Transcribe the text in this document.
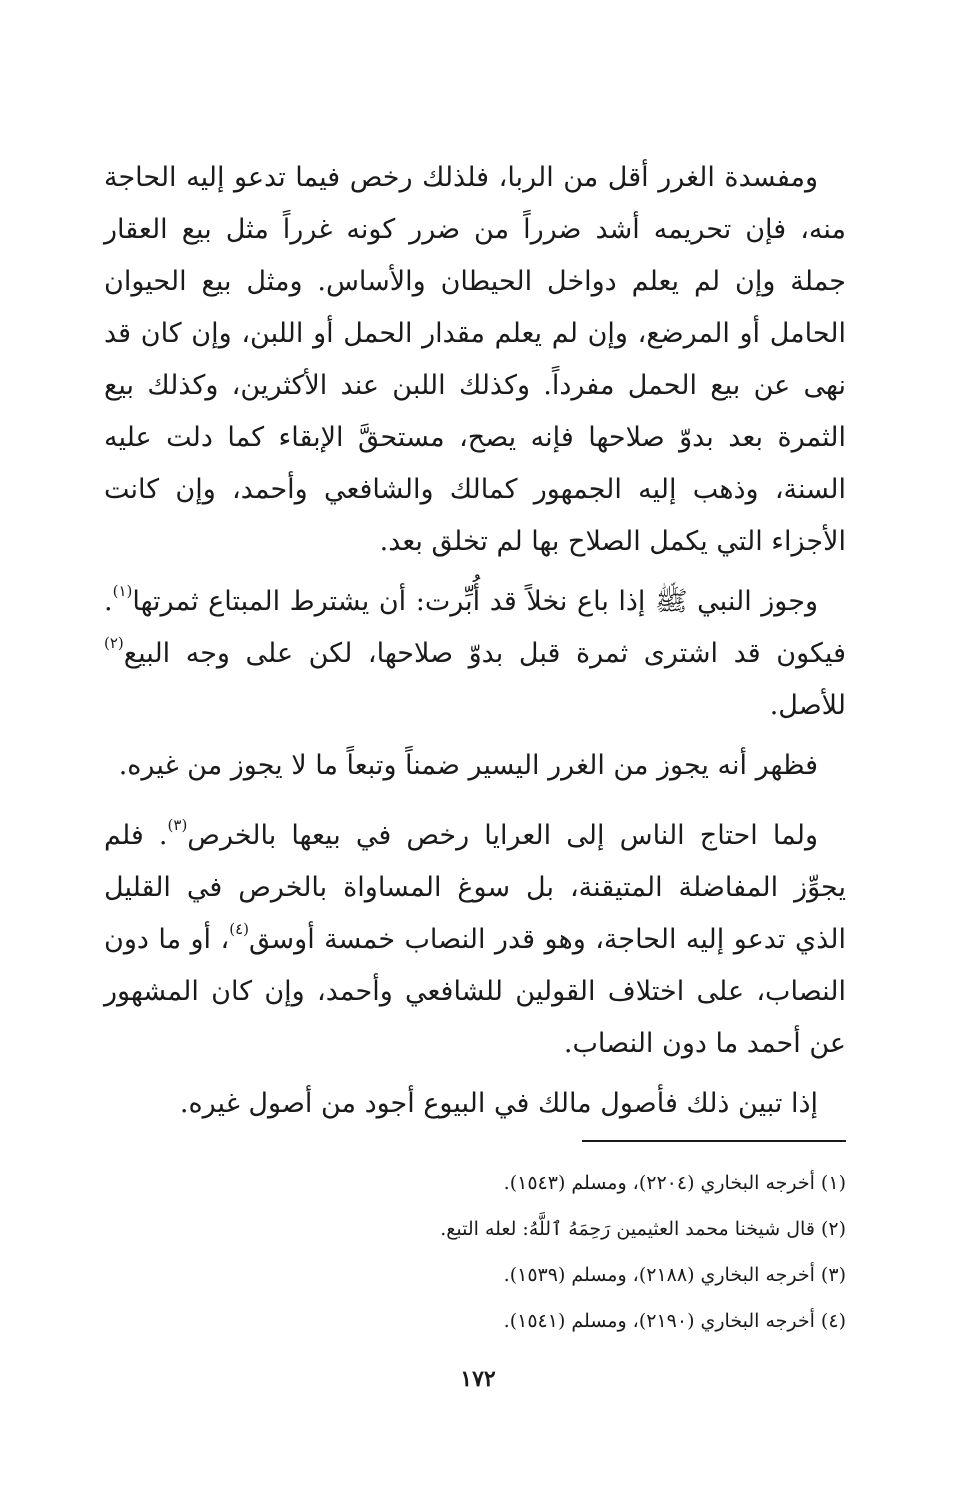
ومفسدة الغرر أقل من الربا، فلذلك رخص فيما تدعو إليه الحاجة منه، فإن تحريمه أشد ضرراً من ضرر كونه غرراً مثل بيع العقار جملة وإن لم يعلم دواخل الحيطان والأساس. ومثل بيع الحيوان الحامل أو المرضع، وإن لم يعلم مقدار الحمل أو اللبن، وإن كان قد نهى عن بيع الحمل مفرداً. وكذلك اللبن عند الأكثرين، وكذلك بيع الثمرة بعد بدوّ صلاحها فإنه يصح، مستحقَّ الإبقاء كما دلت عليه السنة، وذهب إليه الجمهور كمالك والشافعي وأحمد، وإن كانت الأجزاء التي يكمل الصلاح بها لم تخلق بعد.

وجوز النبي ﷺ إذا باع نخلاً قد أُبِّرت: أن يشترط المبتاع ثمرتها$^{(١)}$. فيكون قد اشترى ثمرة قبل بدوّ صلاحها، لكن على وجه البيع$^{(٢)}$ للأصل.

فظهر أنه يجوز من الغرر اليسير ضمناً وتبعاً ما لا يجوز من غيره.

ولما احتاج الناس إلى العرايا رخص في بيعها بالخرص$^{(٣)}$. فلم يجوِّز المفاضلة المتيقنة، بل سوغ المساواة بالخرص في القليل الذي تدعو إليه الحاجة، وهو قدر النصاب خمسة أوسق$^{(٤)}$، أو ما دون النصاب، على اختلاف القولين للشافعي وأحمد، وإن كان المشهور عن أحمد ما دون النصاب.

إذا تبين ذلك فأصول مالك في البيوع أجود من أصول غيره.

(١) أخرجه البخاري (٢٢٠٤)، ومسلم (١٥٤٣).
(٢) قال شيخنا محمد العثيمين رَحِمَهُ ٱللَّهُ: لعله التبع.
(٣) أخرجه البخاري (٢١٨٨)، ومسلم (١٥٣٩).
(٤) أخرجه البخاري (٢١٩٠)، ومسلم (١٥٤١).
١٧٢
